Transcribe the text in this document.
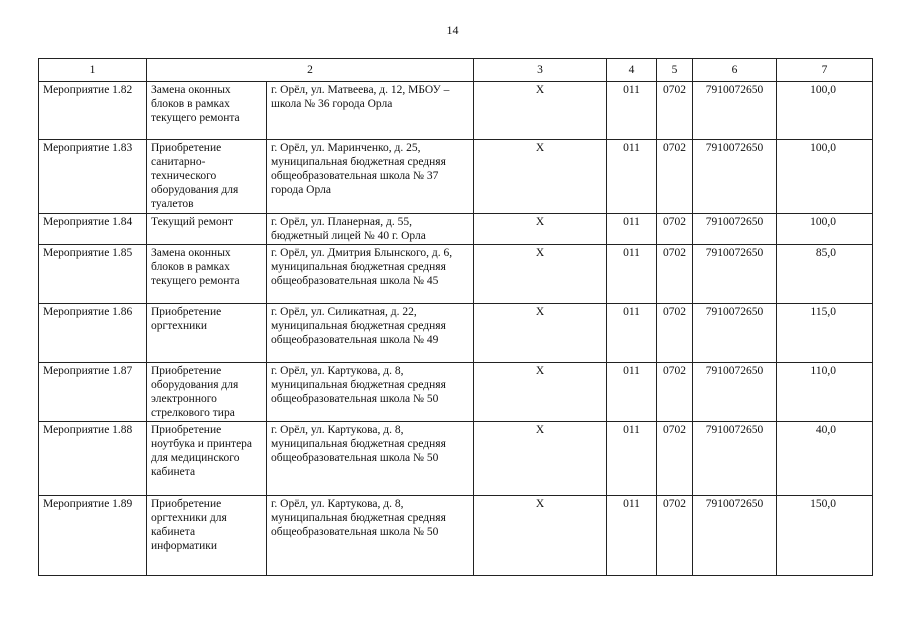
14
1	2		3	4	5	6	7
Мероприятие 1.82	Замена оконных блоков в рамках текущего ремонта	г. Орёл, ул. Матвеева, д. 12, МБОУ – школа № 36 города Орла	X	011	0702	7910072650	100,0
Мероприятие 1.83	Приобретение санитарно-технического оборудования для туалетов	г. Орёл, ул. Маринченко, д. 25, муниципальная бюджетная средняя общеобразовательная школа № 37 города Орла	X	011	0702	7910072650	100,0
Мероприятие 1.84	Текущий ремонт	г. Орёл, ул. Планерная, д. 55, бюджетный лицей № 40 г. Орла	X	011	0702	7910072650	100,0
Мероприятие 1.85	Замена оконных блоков в рамках текущего ремонта	г. Орёл, ул. Дмитрия Блынского, д. 6, муниципальная бюджетная средняя общеобразовательная школа № 45	X	011	0702	7910072650	85,0
Мероприятие 1.86	Приобретение оргтехники	г. Орёл, ул. Силикатная, д. 22, муниципальная бюджетная средняя общеобразовательная школа № 49	X	011	0702	7910072650	115,0
Мероприятие 1.87	Приобретение оборудования для электронного стрелкового тира	г. Орёл, ул. Картукова, д. 8, муниципальная бюджетная средняя общеобразовательная школа № 50	X	011	0702	7910072650	110,0
Мероприятие 1.88	Приобретение ноутбука и принтера для медицинского кабинета	г. Орёл, ул. Картукова, д. 8, муниципальная бюджетная средняя общеобразовательная школа № 50	X	011	0702	7910072650	40,0
Мероприятие 1.89	Приобретение оргтехники для кабинета информатики	г. Орёл, ул. Картукова, д. 8, муниципальная бюджетная средняя общеобразовательная школа № 50	X	011	0702	7910072650	150,0
